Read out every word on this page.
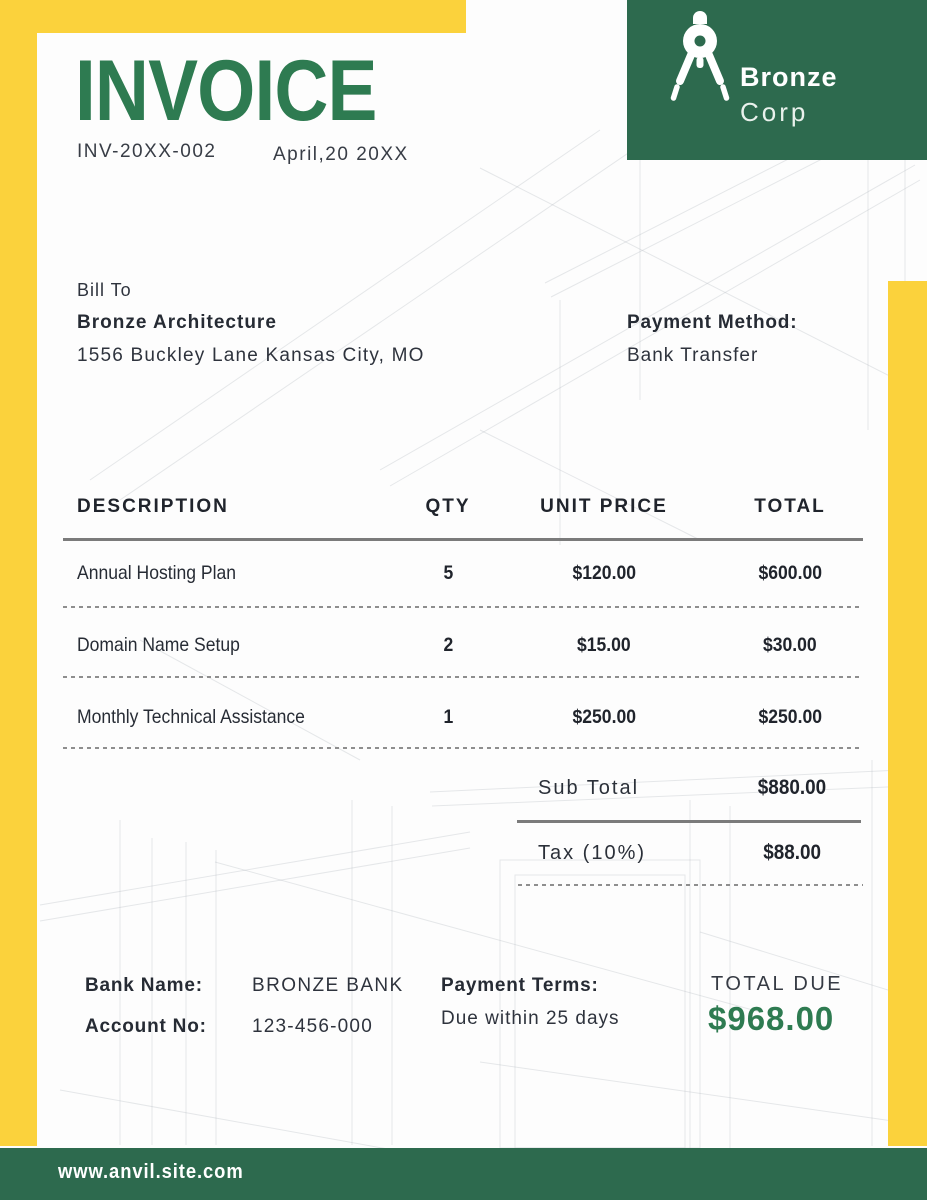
Bronze
Corp
INVOICE
INV-20XX-002	April,20 20XX
Bill To
Bronze Architecture
1556 Buckley Lane Kansas City, MO
Payment Method:
Bank Transfer
DESCRIPTION	QTY	UNIT PRICE	TOTAL
Annual Hosting Plan	5	$120.00	$600.00
Domain Name Setup	2	$15.00	$30.00
Monthly Technical Assistance	1	$250.00	$250.00
Sub Total	$880.00
Tax (10%)	$88.00
Bank Name:	BRONZE BANK
Account No: 123-456-000
Payment Terms:
Due within 25 days
TOTAL DUE
$968.00
www.anvil.site.com
